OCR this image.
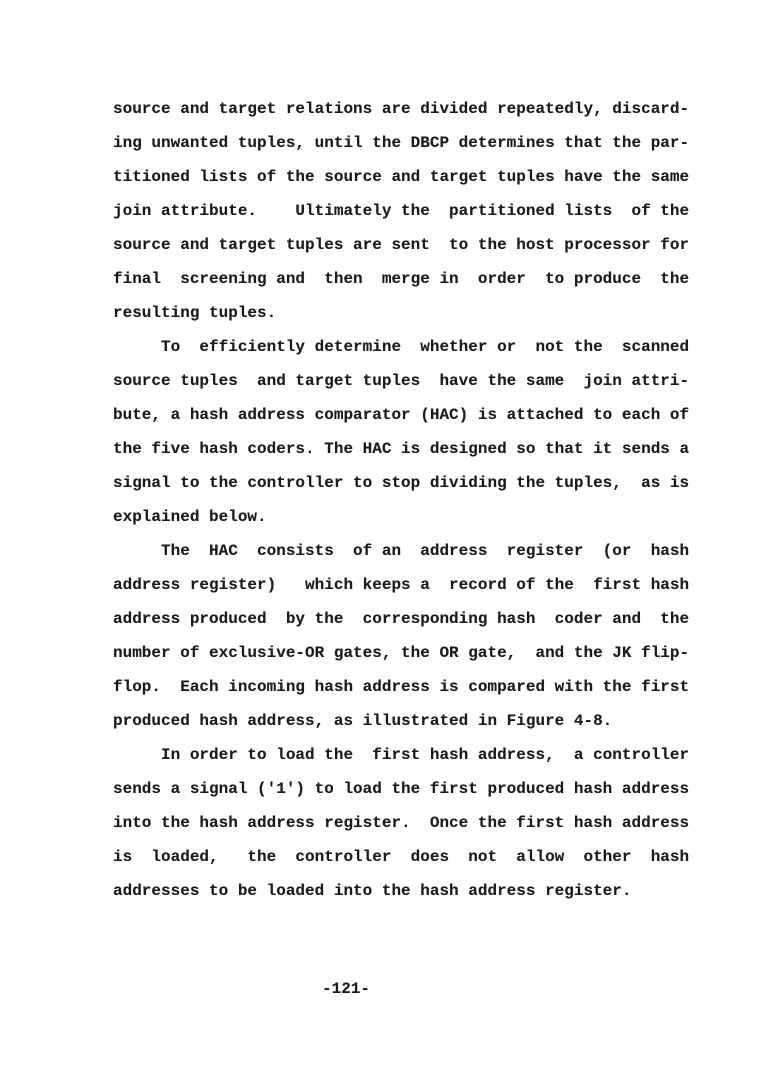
source and target relations are divided repeatedly, discard-
ing unwanted tuples, until the DBCP determines that the par-
titioned lists of the source and target tuples have the same
join attribute.    Ultimately the  partitioned lists  of the
source and target tuples are sent  to the host processor for
final  screening and  then  merge in  order  to produce  the
resulting tuples.
To  efficiently determine  whether or  not the  scanned
source tuples  and target tuples  have the same  join attri-
bute, a hash address comparator (HAC) is attached to each of
the five hash coders. The HAC is designed so that it sends a
signal to the controller to stop dividing the tuples,  as is
explained below.
The  HAC  consists  of an  address  register  (or  hash
address register)   which keeps a  record of the  first hash
address produced  by the  corresponding hash  coder and  the
number of exclusive-OR gates, the OR gate,  and the JK flip-
flop.  Each incoming hash address is compared with the first
produced hash address, as illustrated in Figure 4-8.
In order to load the  first hash address,  a controller
sends a signal ('1') to load the first produced hash address
into the hash address register.  Once the first hash address
is  loaded,   the  controller  does  not  allow  other  hash
addresses to be loaded into the hash address register.
-121-
